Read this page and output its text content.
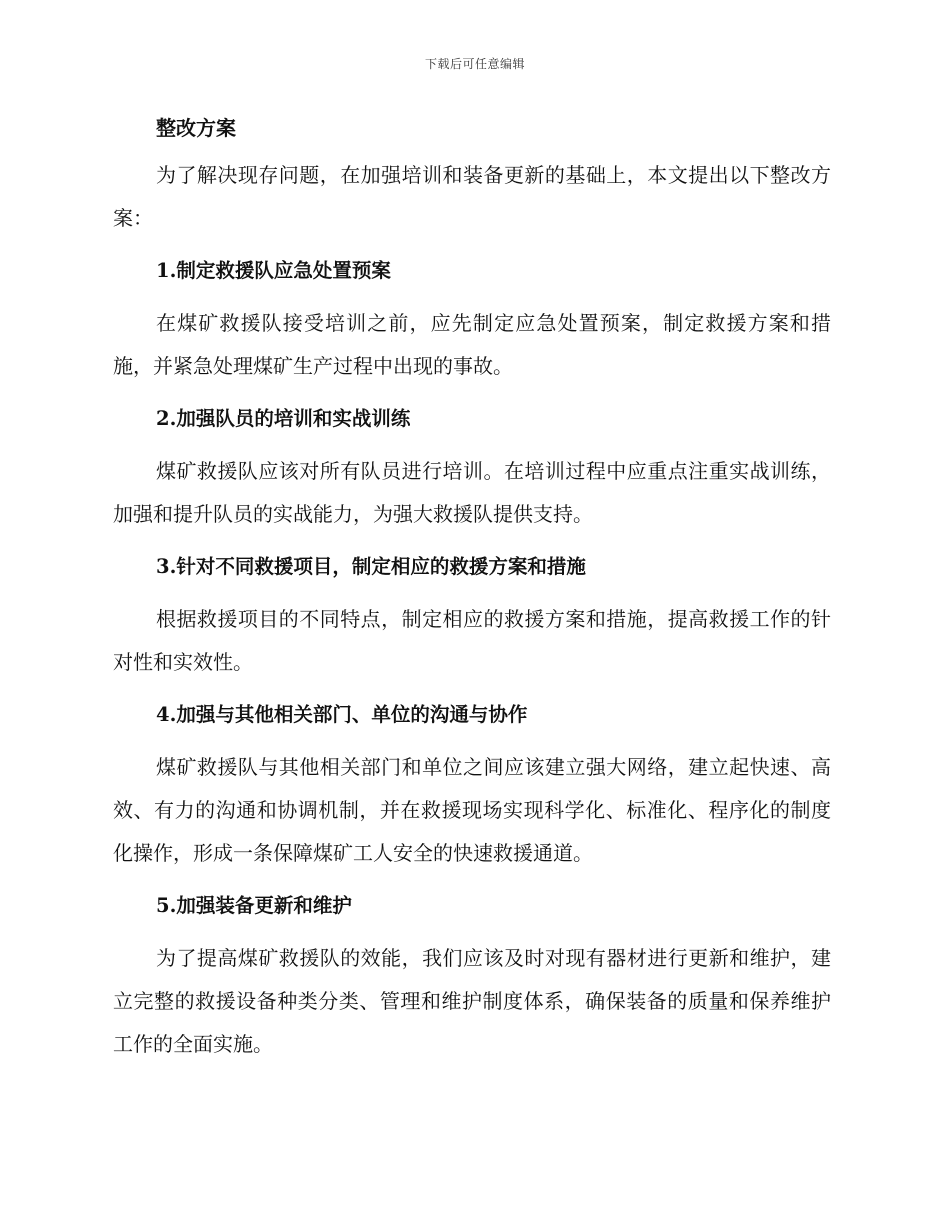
下载后可任意编辑
整改方案

为了解决现存问题，在加强培训和装备更新的基础上，本文提出以下整改方案：

1.制定救援队应急处置预案

在煤矿救援队接受培训之前，应先制定应急处置预案，制定救援方案和措施，并紧急处理煤矿生产过程中出现的事故。

2.加强队员的培训和实战训练

煤矿救援队应该对所有队员进行培训。在培训过程中应重点注重实战训练，加强和提升队员的实战能力，为强大救援队提供支持。

3.针对不同救援项目，制定相应的救援方案和措施

根据救援项目的不同特点，制定相应的救援方案和措施，提高救援工作的针对性和实效性。

4.加强与其他相关部门、单位的沟通与协作

煤矿救援队与其他相关部门和单位之间应该建立强大网络，建立起快速、高效、有力的沟通和协调机制，并在救援现场实现科学化、标准化、程序化的制度化操作，形成一条保障煤矿工人安全的快速救援通道。

5.加强装备更新和维护

为了提高煤矿救援队的效能，我们应该及时对现有器材进行更新和维护，建立完整的救援设备种类分类、管理和维护制度体系，确保装备的质量和保养维护工作的全面实施。
